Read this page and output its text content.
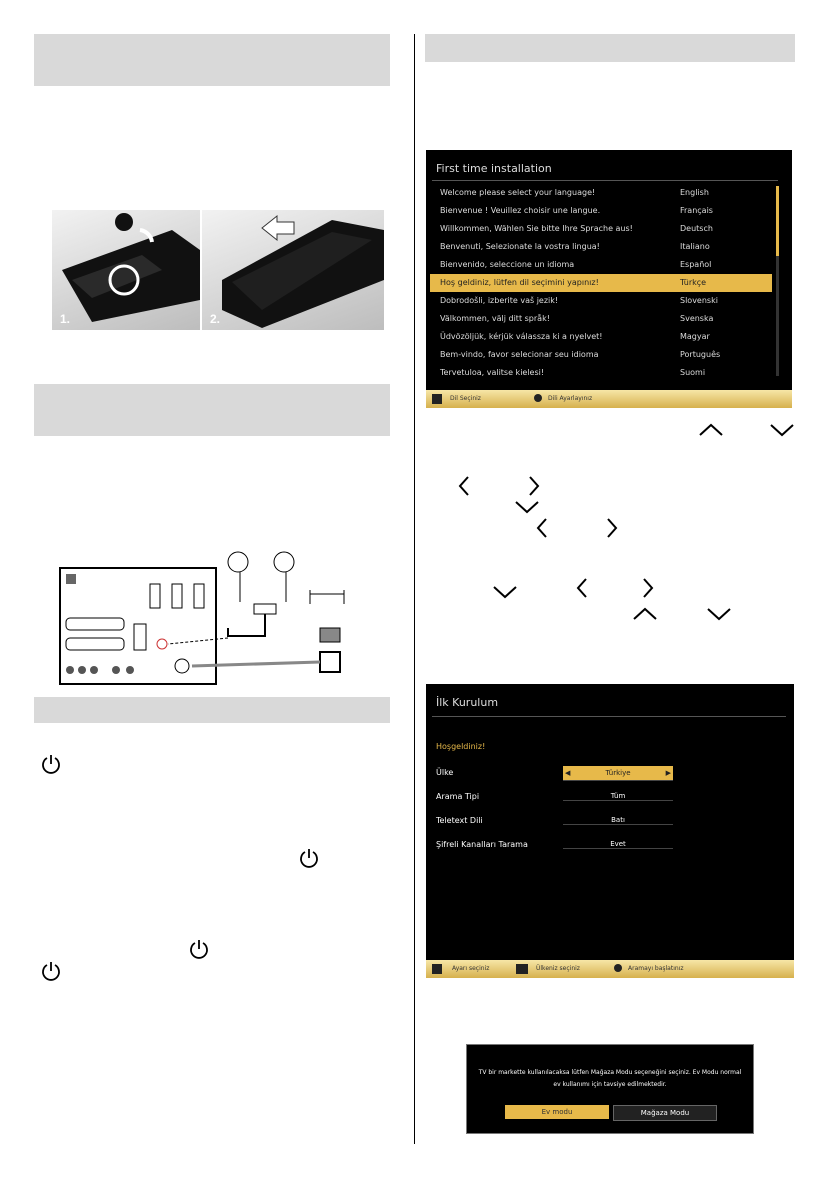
1.	2.
First time installation
Welcome please select your language!	English
Bienvenue ! Veuillez choisir une langue.	Français
Willkommen, Wählen Sie bitte Ihre Sprache aus!	Deutsch
Benvenuti, Selezionate la vostra lingua!	Italiano
Bienvenido, seleccione un idioma	Español
Hoş geldiniz, lütfen dil seçimini yapınız!	Türkçe
Dobrodošli, izberite vaš jezik!	Slovenski
Välkommen, välj ditt språk!	Svenska
Üdvözöljük, kérjük válassza ki a nyelvet!	Magyar
Bem-vindo, favor selecionar seu idioma	Português
Tervetuloa, valitse kielesi!	Suomi
Dil Seçiniz	Dili Ayarlayınız
İlk Kurulum
Hoşgeldiniz!
Ülke	◀	Türkiye	▶
Arama Tipi	Tüm
Teletext Dili	Batı
Şifreli Kanalları Tarama	Evet
Ayarı seçiniz	Ülkeniz seçiniz	Aramayı başlatınız
TV bir markette kullanılacaksa lütfen Mağaza Modu seçeneğini seçiniz. Ev Modu normal
ev kullanımı için tavsiye edilmektedir.
Ev modu	Mağaza Modu
